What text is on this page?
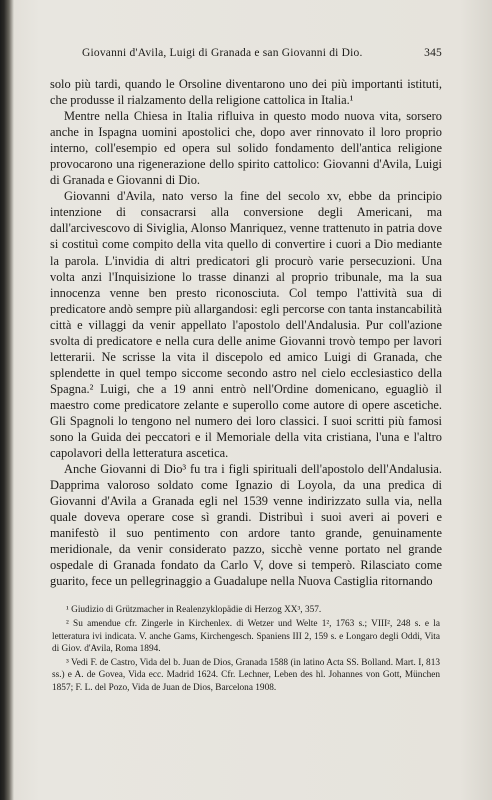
Giovanni d'Avila, Luigi di Granada e san Giovanni di Dio.	345

solo più tardi, quando le Orsoline diventarono uno dei più importanti istituti, che produsse il rialzamento della religione cattolica in Italia.¹

Mentre nella Chiesa in Italia rifluiva in questo modo nuova vita, sorsero anche in Ispagna uomini apostolici che, dopo aver rinnovato il loro proprio interno, coll'esempio ed opera sul solido fondamento dell'antica religione provocarono una rigenerazione dello spirito cattolico: Giovanni d'Avila, Luigi di Granada e Giovanni di Dio.

Giovanni d'Avila, nato verso la fine del secolo xv, ebbe da principio intenzione di consacrarsi alla conversione degli Americani, ma dall'arcivescovo di Siviglia, Alonso Manriquez, venne trattenuto in patria dove si costituì come compito della vita quello di convertire i cuori a Dio mediante la parola. L'invidia di altri predicatori gli procurò varie persecuzioni. Una volta anzi l'Inquisizione lo trasse dinanzi al proprio tribunale, ma la sua innocenza venne ben presto riconosciuta. Col tempo l'attività sua di predicatore andò sempre più allargandosi: egli percorse con tanta instancabilità città e villaggi da venir appellato l'apostolo dell'Andalusia. Pur coll'azione svolta di predicatore e nella cura delle anime Giovanni trovò tempo per lavori letterarii. Ne scrisse la vita il discepolo ed amico Luigi di Granada, che splendette in quel tempo siccome secondo astro nel cielo ecclesiastico della Spagna.² Luigi, che a 19 anni entrò nell'Ordine domenicano, eguagliò il maestro come predicatore zelante e superollo come autore di opere ascetiche. Gli Spagnoli lo tengono nel numero dei loro classici. I suoi scritti più famosi sono la Guida dei peccatori e il Memoriale della vita cristiana, l'una e l'altro capolavori della letteratura ascetica.

Anche Giovanni di Dio³ fu tra i figli spirituali dell'apostolo dell'Andalusia. Dapprima valoroso soldato come Ignazio di Loyola, da una predica di Giovanni d'Avila a Granada egli nel 1539 venne indirizzato sulla via, nella quale doveva operare cose sì grandi. Distribuì i suoi averi ai poveri e manifestò il suo pentimento con ardore tanto grande, genuinamente meridionale, da venir considerato pazzo, sicchè venne portato nel grande ospedale di Granada fondato da Carlo V, dove si temperò. Rilasciato come guarito, fece un pellegrinaggio a Guadalupe nella Nuova Castiglia ritornando

¹ Giudizio di Grützmacher in Realenzyklopädie di Herzog XX³, 357.

² Su amendue cfr. Zingerle in Kirchenlex. di Wetzer und Welte 1², 1763 s.; VIII², 248 s. e la letteratura ivi indicata. V. anche Gams, Kirchengesch. Spaniens III 2, 159 s. e Longaro degli Oddi, Vita di Giov. d'Avila, Roma 1894.

³ Vedi F. de Castro, Vida del b. Juan de Dios, Granada 1588 (in latino Acta SS. Bolland. Mart. I, 813 ss.) e A. de Govea, Vida ecc. Madrid 1624. Cfr. Lechner, Leben des hl. Johannes von Gott, München 1857; F. L. del Pozo, Vida de Juan de Dios, Barcelona 1908.
